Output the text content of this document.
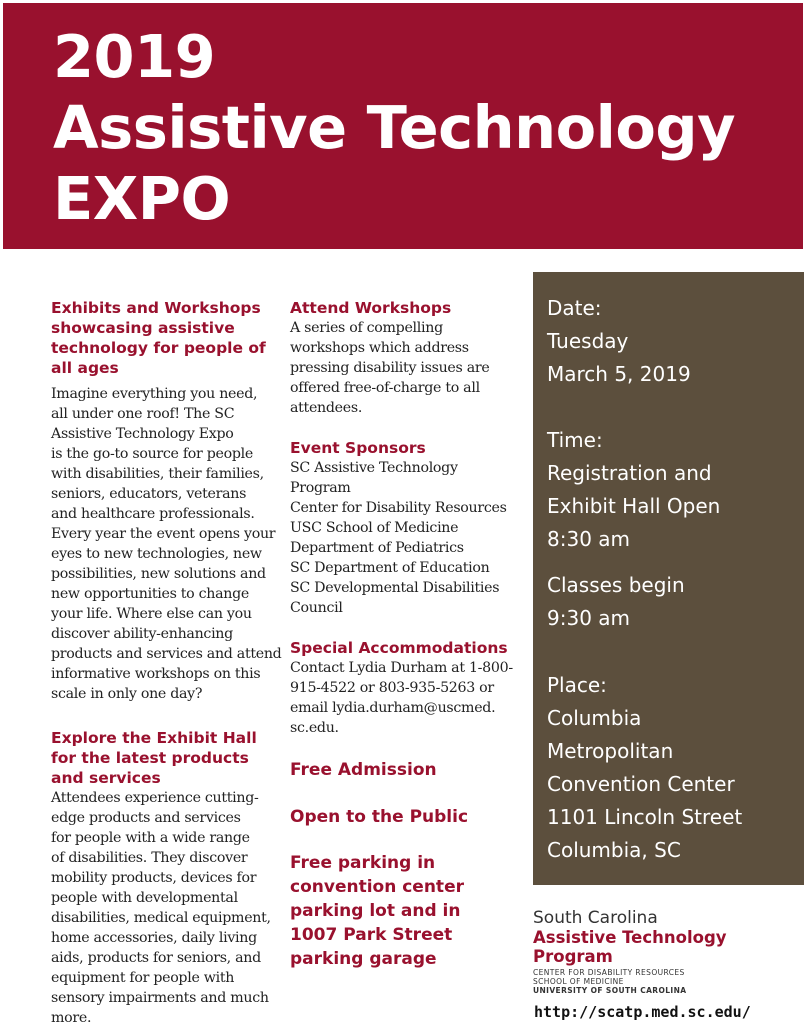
2019
Assistive Technology
EXPO

Exhibits and Workshops

showcasing assistive

technology for people of

all ages

Imagine everything you need,

all under one roof! The SC

Assistive Technology Expo

is the go-to source for people

with disabilities, their families,

seniors, educators, veterans

and healthcare professionals.

Every year the event opens your

eyes to new technologies, new

possibilities, new solutions and

new opportunities to change

your life. Where else can you

discover ability-enhancing

products and services and attend

informative workshops on this

scale in only one day?

Explore the Exhibit Hall

for the latest products

and services

Attendees experience cutting-

edge products and services

for people with a wide range

of disabilities. They discover

mobility products, devices for

people with developmental

disabilities, medical equipment,

home accessories, daily living

aids, products for seniors, and

equipment for people with

sensory impairments and much

more.

Attend Workshops

A series of compelling

workshops which address

pressing disability issues are

offered free-of-charge to all

attendees.

Event Sponsors

SC Assistive Technology

Program

Center for Disability Resources

USC School of Medicine

Department of Pediatrics

SC Department of Education

SC Developmental Disabilities

Council

Special Accommodations

Contact Lydia Durham at 1-800-

915-4522 or 803-935-5263 or

email lydia.durham@uscmed.

sc.edu.

Free Admission

Open to the Public

Free parking in

convention center

parking lot and in

1007 Park Street

parking garage

Date:

Tuesday

March 5, 2019

Time:

Registration and

Exhibit Hall Open

8:30 am

Classes begin

9:30 am

Place:

Columbia

Metropolitan

Convention Center

1101 Lincoln Street

Columbia, SC

South Carolina

Assistive Technology

Program

CENTER FOR DISABILITY RESOURCES

SCHOOL OF MEDICINE

UNIVERSITY OF SOUTH CAROLINA

http://scatp.med.sc.edu/
